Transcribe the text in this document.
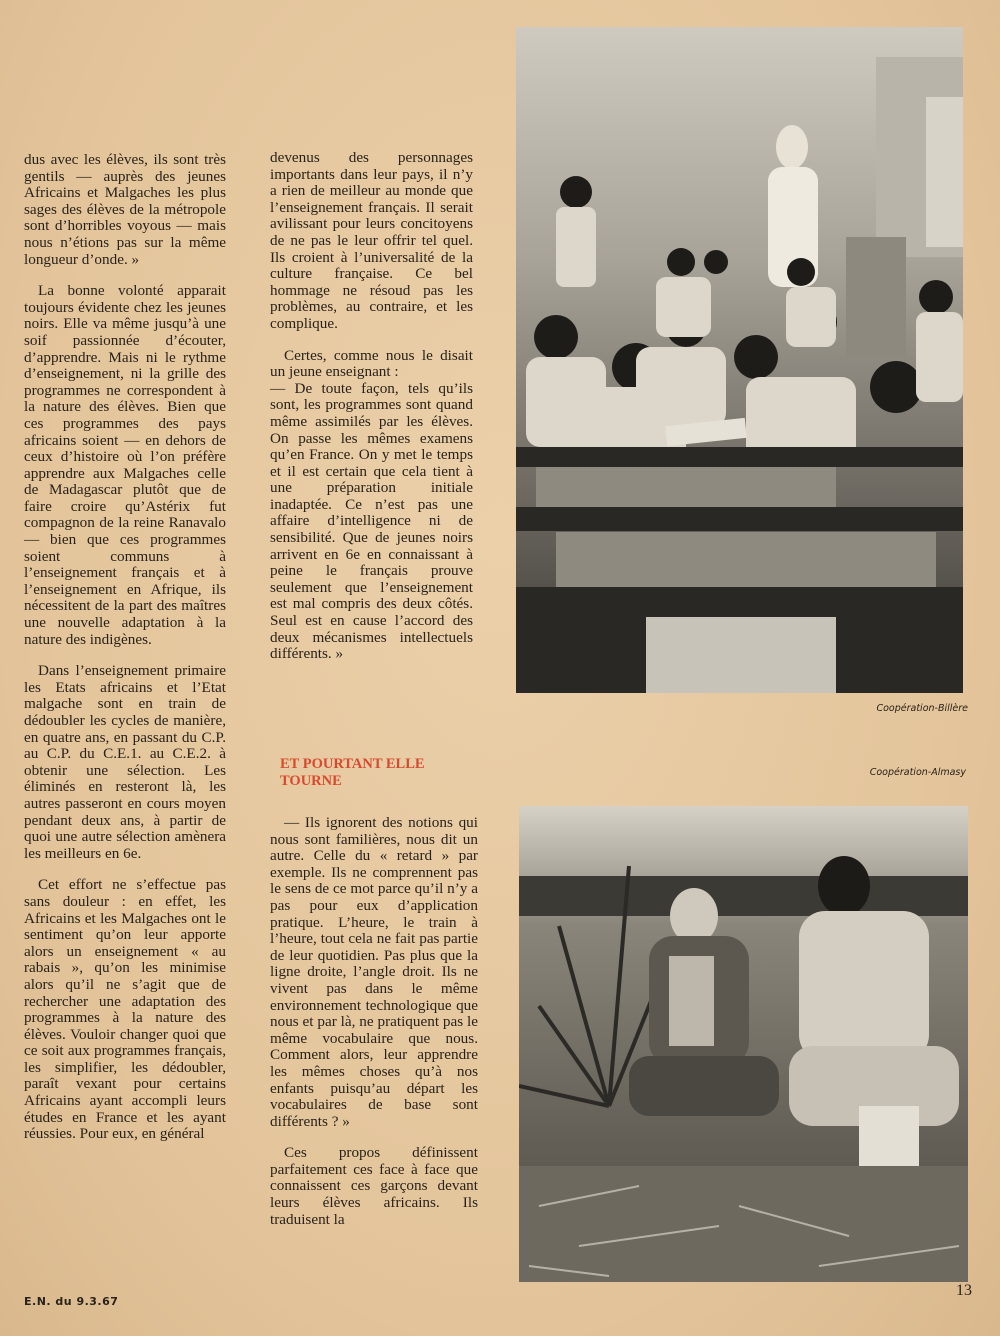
dus avec les élèves, ils sont très gentils — auprès des jeunes Africains et Malgaches les plus sages des élèves de la métropole sont d’horribles voyous — mais nous n’étions pas sur la même longueur d’onde. »

La bonne volonté apparait toujours évidente chez les jeunes noirs. Elle va même jusqu’à une soif passionnée d’écouter, d’apprendre. Mais ni le rythme d’enseignement, ni la grille des programmes ne correspondent à la nature des élèves. Bien que ces programmes des pays africains soient — en dehors de ceux d’histoire où l’on préfère apprendre aux Malgaches celle de Madagascar plutôt que de faire croire qu’Astérix fut compagnon de la reine Ranavalo — bien que ces programmes soient communs à l’enseignement français et à l’enseignement en Afrique, ils nécessitent de la part des maîtres une nouvelle adaptation à la nature des indigènes.

Dans l’enseignement primaire les Etats africains et l’Etat malgache sont en train de dédoubler les cycles de manière, en quatre ans, en passant du C.P. au C.P. du C.E.1. au C.E.2. à obtenir une sélection. Les éliminés en resteront là, les autres passeront en cours moyen pendant deux ans, à partir de quoi une autre sélection amènera les meilleurs en 6e.

Cet effort ne s’effectue pas sans douleur : en effet, les Africains et les Malgaches ont le sentiment qu’on leur apporte alors un enseignement « au rabais », qu’on les minimise alors qu’il ne s’agit que de rechercher une adaptation des programmes à la nature des élèves. Vouloir changer quoi que ce soit aux programmes français, les simplifier, les dédoubler, paraît vexant pour certains Africains ayant accompli leurs études en France et les ayant réussies. Pour eux, en général

devenus des personnages importants dans leur pays, il n’y a rien de meilleur au monde que l’enseignement français. Il serait avilissant pour leurs concitoyens de ne pas le leur offrir tel quel. Ils croient à l’universalité de la culture française. Ce bel hommage ne résoud pas les problèmes, au contraire, et les complique.

Certes, comme nous le disait un jeune enseignant :

— De toute façon, tels qu’ils sont, les programmes sont quand même assimilés par les élèves. On passe les mêmes examens qu’en France. On y met le temps et il est certain que cela tient à une préparation initiale inadaptée. Ce n’est pas une affaire d’intelligence ni de sensibilité. Que de jeunes noirs arrivent en 6e en connaissant à peine le français prouve seulement que l’enseignement est mal compris des deux côtés. Seul est en cause l’accord des deux mécanismes intellectuels différents. »

ET POURTANT ELLE TOURNE

— Ils ignorent des notions qui nous sont familières, nous dit un autre. Celle du « retard » par exemple. Ils ne comprennent pas le sens de ce mot parce qu’il n’y a pas pour eux d’application pratique. L’heure, le train à l’heure, tout cela ne fait pas partie de leur quotidien. Pas plus que la ligne droite, l’angle droit. Ils ne vivent pas dans le même environnement technologique que nous et par là, ne pratiquent pas le même vocabulaire que nous. Comment alors, leur apprendre les mêmes choses qu’à nos enfants puisqu’au départ les vocabulaires de base sont différents ? »

Ces propos définissent parfaitement ces face à face que connaissent ces garçons devant leurs élèves africains. Ils traduisent la

Coopération-Billère
Coopération-Almasy
E.N. du 9.3.67
13
